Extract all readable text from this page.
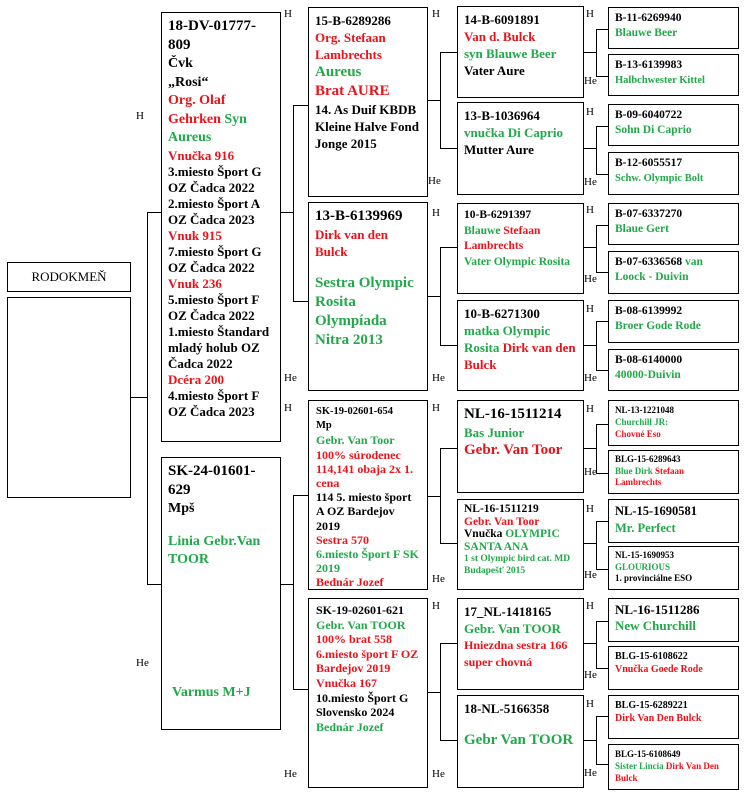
RODOKMEŇ
18-DV-01777-809
Čvk
„Rosi“
Org. Olaf Gehrken Syn Aureus
Vnučka 916
3.miesto Šport G OZ Čadca 2022
2.miesto Šport A OZ Čadca 2023
Vnuk 915
7.miesto Šport G OZ Čadca 2022
Vnuk 236
5.miesto Šport F OZ Čadca 2022
1.miesto Štandard mladý holub OZ Čadca 2022
Dcéra 200
4.miesto Šport F OZ Čadca 2023
SK-24-01601-629
Mpš
Linia Gebr.Van TOOR
Varmus M+J
15-B-6289286
Org. Stefaan Lambrechts
Aureus
Brat AURE
14. As Duif KBDB Kleine Halve Fond Jonge 2015
13-B-6139969
Dirk van den Bulck
Sestra Olympic Rosita Olympíada Nitra 2013
SK-19-02601-654
Mp
Gebr. Van Toor
100% súrodenec 114,141 obaja 2x 1. cena
114 5. miesto šport A OZ Bardejov 2019
Sestra 570
6.miesto Šport F SK 2019
Bednár Jozef
SK-19-02601-621
Gebr. Van TOOR
100% brat 558 6.miesto šport F OZ Bardejov 2019
Vnučka 167
10.miesto Šport G Slovensko 2024
Bednár Jozef
14-B-6091891
Van d. Bulck
syn Blauwe Beer
Vater Aure
13-B-1036964
vnučka Di Caprio
Mutter Aure
10-B-6291397
Blauwe Stefaan Lambrechts
Vater Olympic Rosita
10-B-6271300
matka Olympic Rosita Dirk van den Bulck
NL-16-1511214
Bas Junior
Gebr. Van Toor
NL-16-1511219
Gebr. Van Toor
Vnučka OLYMPIC SANTA ANA
1 st Olympic bird cat. MD Budapešť 2015
17_NL-1418165
Gebr. Van TOOR
Hniezdna sestra 166 super chovná
18-NL-5166358
Gebr Van TOOR
B-11-6269940
Blauwe Beer
B-13-6139983
Halbchwester Kittel
B-09-6040722
Sohn Di Caprio
B-12-6055517
Schw. Olympic Bolt
B-07-6337270
Blaue Gert
B-07-6336568 van Loock - Duivin
B-08-6139992
Broer Gode Rode
B-08-6140000
40000-Duivin
NL-13-1221048
Churchill JR:
Chovné Eso
BLG-15-6289643
Blue Dirk Stefaan Lambrechts
NL-15-1690581
Mr. Perfect
NL-15-1690953
GLOURIOUS
1. provinciálne ESO
NL-16-1511286
New Churchill
BLG-15-6108622
Vnučka Goede Rode
BLG-15-6289221
Dirk Van Den Bulck
BLG-15-6108649
Sister Lincia Dirk Van Den Bulck
H
He
H
He
H
He
H
He
H
He
H
He
H
He
H
He
H
He
H
He
H
He
H
He
H
He
H
He
H
He
